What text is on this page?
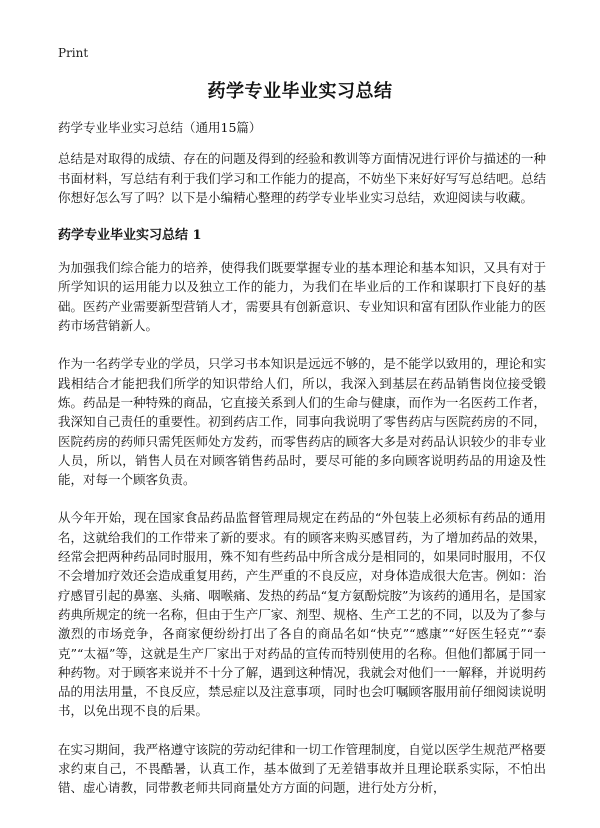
Print
药学专业毕业实习总结

药学专业毕业实习总结（通用15篇）

总结是对取得的成绩、存在的问题及得到的经验和教训等方面情况进行评价与描述的一种书面材料，写总结有利于我们学习和工作能力的提高，不妨坐下来好好写写总结吧。总结你想好怎么写了吗？以下是小编精心整理的药学专业毕业实习总结，欢迎阅读与收藏。

药学专业毕业实习总结 1

为加强我们综合能力的培养，使得我们既要掌握专业的基本理论和基本知识，又具有对于所学知识的运用能力以及独立工作的能力，为我们在毕业后的工作和谋职打下良好的基础。医药产业需要新型营销人才，需要具有创新意识、专业知识和富有团队作业能力的医药市场营销新人。

作为一名药学专业的学员，只学习书本知识是远远不够的，是不能学以致用的，理论和实践相结合才能把我们所学的知识带给人们，所以，我深入到基层在药品销售岗位接受锻炼。药品是一种特殊的商品，它直接关系到人们的生命与健康，而作为一名医药工作者，我深知自己责任的重要性。初到药店工作，同事向我说明了零售药店与医院药房的不同，医院药房的药师只需凭医师处方发药，而零售药店的顾客大多是对药品认识较少的非专业人员，所以，销售人员在对顾客销售药品时，要尽可能的多向顾客说明药品的用途及性能，对每一个顾客负责。

从今年开始，现在国家食品药品监督管理局规定在药品的“外包装上必须标有药品的通用名，这就给我们的工作带来了新的要求。有的顾客来购买感冒药，为了增加药品的效果，经常会把两种药品同时服用，殊不知有些药品中所含成分是相同的，如果同时服用，不仅不会增加疗效还会造成重复用药，产生严重的不良反应，对身体造成很大危害。例如：治疗感冒引起的鼻塞、头痛、咽喉痛、发热的药品“复方氨酚烷胺”为该药的通用名，是国家药典所规定的统一名称，但由于生产厂家、剂型、规格、生产工艺的不同，以及为了参与激烈的市场竞争，各商家便纷纷打出了各自的商品名如“快克”“感康”“好医生轻克”“泰克”“太福”等，这就是生产厂家出于对药品的宣传而特别使用的名称。但他们都属于同一种药物。对于顾客来说并不十分了解，遇到这种情况，我就会对他们一一解释，并说明药品的用法用量，不良反应，禁忌症以及注意事项，同时也会叮嘱顾客服用前仔细阅读说明书，以免出现不良的后果。

在实习期间，我严格遵守该院的劳动纪律和一切工作管理制度，自觉以医学生规范严格要求约束自己，不畏酷暑，认真工作，基本做到了无差错事故并且理论联系实际，不怕出错、虚心请教，同带教老师共同商量处方方面的问题，进行处方分析，
